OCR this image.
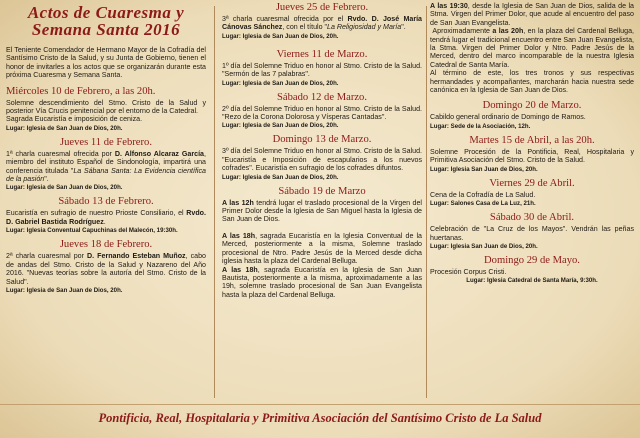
Actos de Cuaresma y Semana Santa 2016

El Teniente Comendador de Hermano Mayor de la Cofradía del Santísimo Cristo de la Salud, y su Junta de Gobierno, tienen el honor de invitarles a los actos que se organizarán durante esta próxima Cuaresma y Semana Santa.

Miércoles 10 de Febrero, a las 20h.

Solemne descendimiento del Stmo. Cristo de la Salud y posterior Vía Crucis penitencial por el entorno de la Catedral.

Sagrada Eucaristía e imposición de ceniza.

Lugar: Iglesia de San Juan de Dios, 20h.
Jueves 11 de Febrero.

1ª charla cuaresmal ofrecida por D. Alfonso Alcaraz García, miembro del instituto Español de Sindonología, impartirá una conferencia titulada "La Sábana Santa: La Evidencia científica de la pasión".

Lugar: Iglesia de San Juan de Dios, 20h.
Sábado 13 de Febrero.

Eucaristía en sufragio de nuestro Prioste Consiliario, el Rvdo. D. Gabriel Bastida Rodríguez.

Lugar: Iglesia Conventual Capuchinas del Malecón, 19:30h.
Jueves 18 de Febrero.

2ª charla cuaresmal por D. Fernando Esteban Muñoz, cabo de andas del Stmo. Cristo de la Salud y Nazareno del Año 2016. "Nuevas teorías sobre la autoría del Stmo. Cristo de la Salud".

Lugar: Iglesia de San Juan de Dios, 20h.
Jueves 25 de Febrero.

3ª charla cuaresmal ofrecida por el Rvdo. D. José María Cánovas Sánchez, con el título "La Religiosidad y María".

Lugar: Iglesia de San Juan de Dios, 20h.
Viernes 11 de Marzo.

1º día del Solemne Triduo en honor al Stmo. Cristo de la Salud. "Sermón de las 7 palabras".

Lugar: Iglesia de San Juan de Dios, 20h.
Sábado 12 de Marzo.

2º día del Solemne Triduo en honor al Stmo. Cristo de la Salud. "Rezo de la Corona Dolorosa y Vísperas Cantadas".

Lugar: Iglesia de San Juan de Dios, 20h.
Domingo 13 de Marzo.

3º día del Solemne Triduo en honor al Stmo. Cristo de la Salud. "Eucaristía e Imposición de escapularios a los nuevos cofrades". Eucaristía en sufragio de los cofrades difuntos.

Lugar: Iglesia de San Juan de Dios, 20h.
Sábado 19 de Marzo

A las 12h tendrá lugar el traslado procesional de la Virgen del Primer Dolor desde la Iglesia de San Miguel hasta la Iglesia de San Juan de Dios.

A las 18h, sagrada Eucaristía en la Iglesia Conventual de la Merced, posteriormente a la misma, Solemne traslado procesional de Ntro. Padre Jesús de la Merced desde dicha iglesia hasta la plaza del Cardenal Belluga.

A las 18h, sagrada Eucaristía en la Iglesia de San Juan Bautista, posteriormente a la misma, aproximadamente a las 19h, solemne traslado procesional de San Juan Evangelista hasta la plaza del Cardenal Belluga.

A las 19:30, desde la Iglesia de San Juan de Dios, salida de la Stma. Virgen del Primer Dolor, que acude al encuentro del paso de San Juan Evangelista.

Aproximadamente a las 20h, en la plaza del Cardenal Belluga, tendrá lugar el tradicional encuentro entre San Juan Evangelista, la Stma. Virgen del Primer Dolor y Ntro. Padre Jesús de la Merced, dentro del marco incomparable de la nuestra Iglesia Catedral de Santa María.

Al término de este, los tres tronos y sus respectivas hermandades y acompañantes, marcharán hacia nuestra sede canónica en la Iglesia de San Juan de Dios.

Domingo 20 de Marzo.

Cabildo general ordinario de Domingo de Ramos.

Lugar: Sede de la Asociación, 12h.
Martes 15 de Abril, a las 20h.

Solemne Procesión de la Pontificia, Real, Hospitalaria y Primitiva Asociación del Stmo. Cristo de la Salud.

Lugar: Iglesia San Juan de Dios, 20h.
Viernes 29 de Abril.

Cena de la Cofradía de La Salud.

Lugar: Salones Casa de La Luz, 21h.
Sábado 30 de Abril.

Celebración de "La Cruz de los Mayos". Vendrán las peñas huertanas.

Lugar: Iglesia San Juan de Dios, 20h.
Domingo 29 de Mayo.

Procesión Corpus Cristi.

Lugar: Iglesia Catedral de Santa María, 9:30h.
Pontificia, Real, Hospitalaria y Primitiva Asociación del Santísimo Cristo de La Salud
